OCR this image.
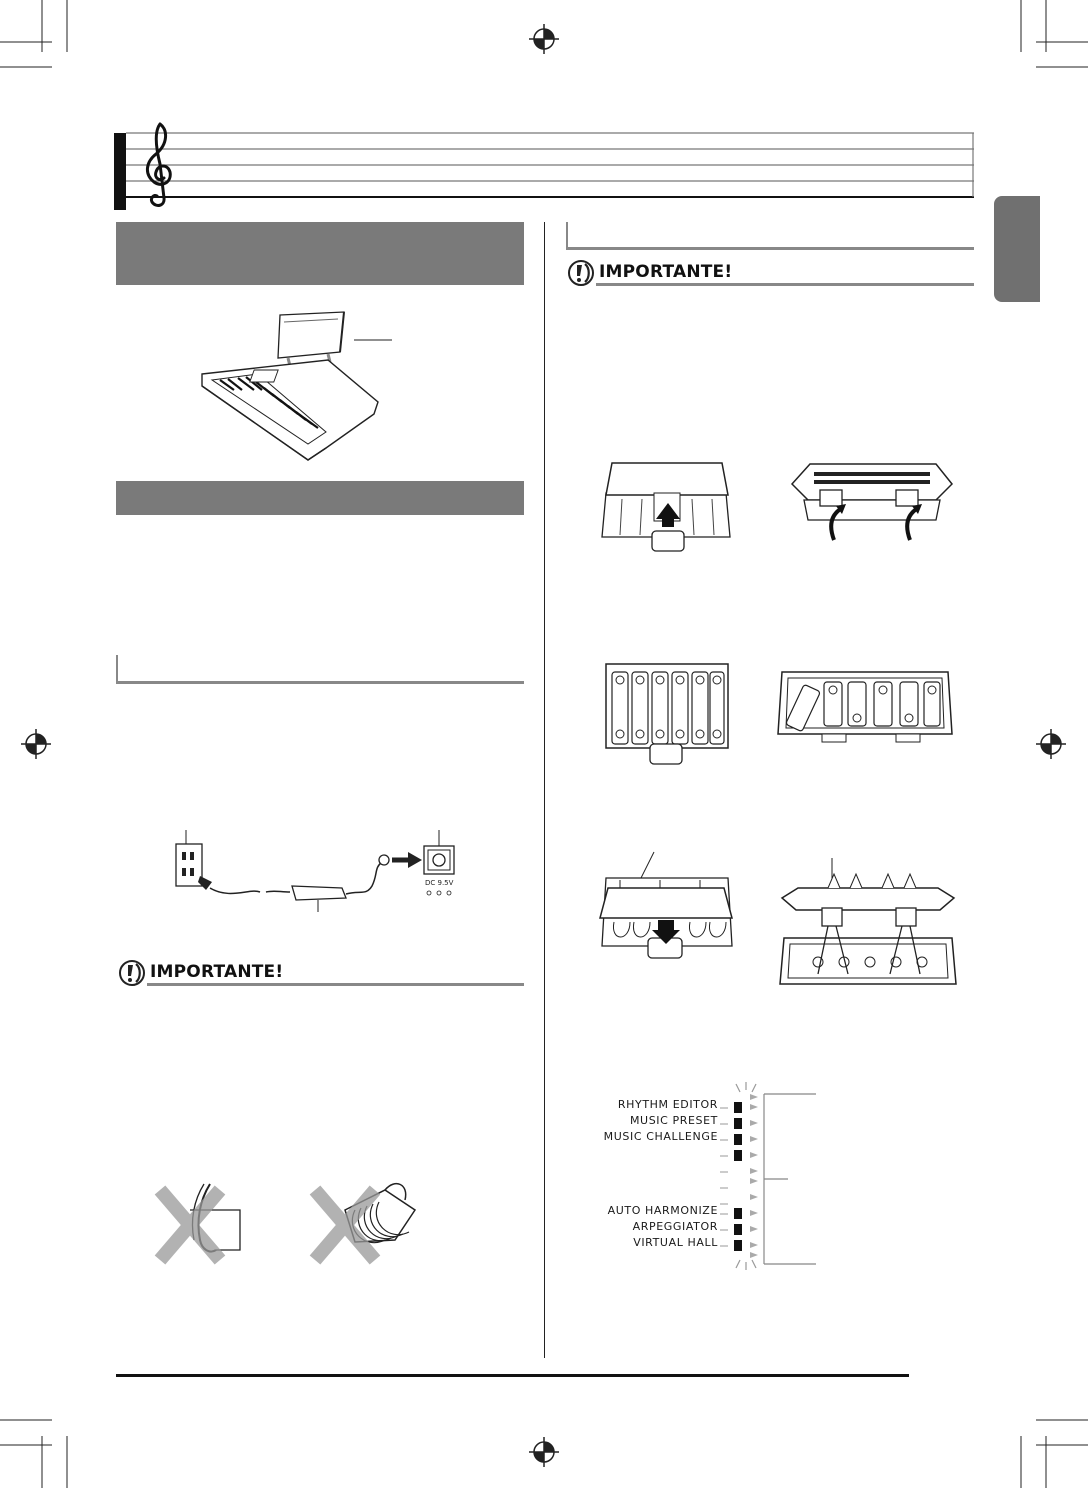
DC 9.5V
IMPORTANTE!
IMPORTANTE!
RHYTHM EDITOR
MUSIC PRESET
MUSIC CHALLENGE
AUTO HARMONIZE
ARPEGGIATOR
VIRTUAL HALL
